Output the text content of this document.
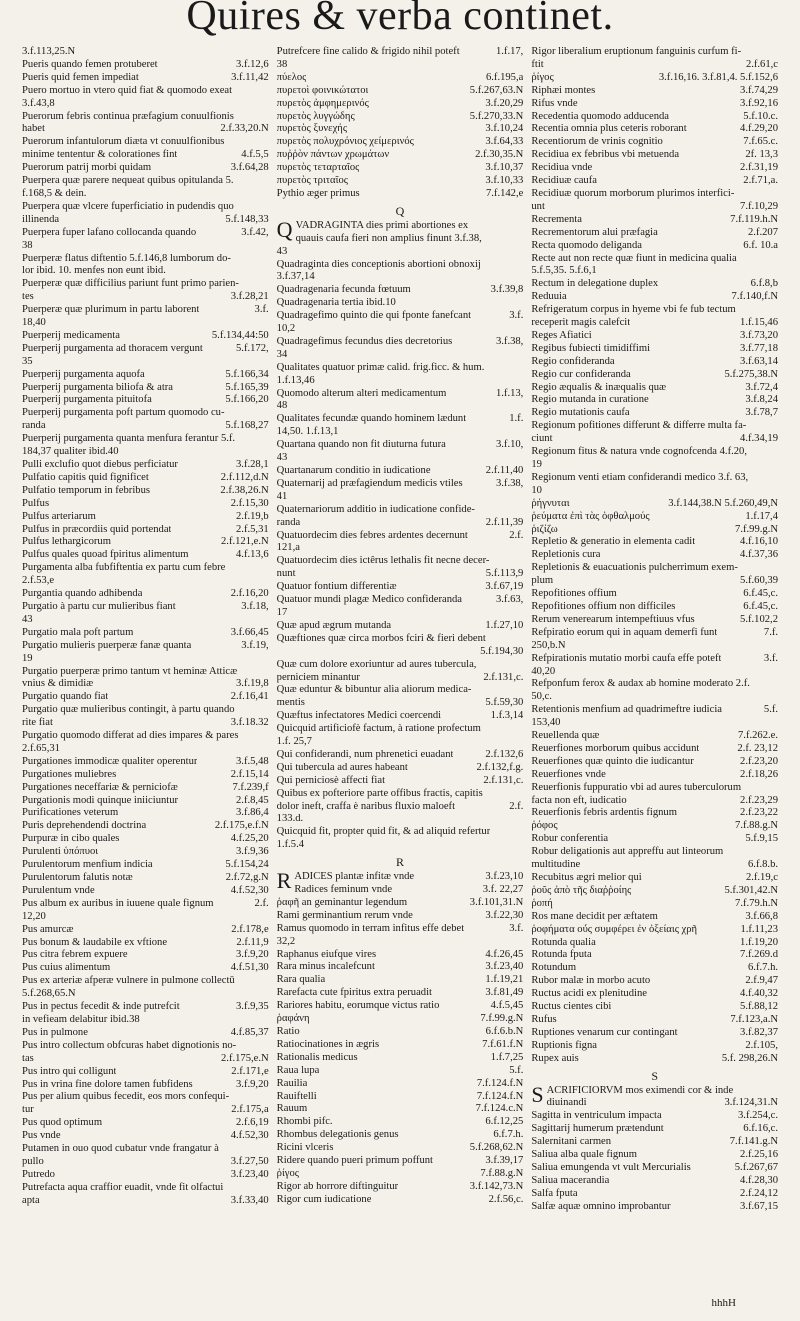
Quires & verba continet.
3.f.113,25.N
Pueris quando femen protuberet	3.f.12,6
Pueris quid femen impediat	3.f.11,42
Puero mortuo in vtero quid fiat & quomodo exeat
3.f.43,8
Puerorum febris continua præfagium conuulfionis
habet	2.f.33,20.N
Puerorum infantulorum diæta vt conuulfionibus
minime tententur & colorationes fint	4.f.5,5
Puerorum patrij morbi quidam	3.f.64,28
Puerpera quæ parere nequeat quibus opitulanda 5.
f.168,5 & dein.
Puerpera quæ vlcere fuperficiatio in pudendis quo
illinenda	5.f.148,33
Puerpera fuper lafano collocanda quando	3.f.42,
38
Puerperæ flatus diftentio 5.f.146,8 lumborum do-
lor ibid. 10. menfes non eunt ibid.
Puerperæ quæ difficilius pariunt funt primo parien-
tes	3.f.28,21
Puerperæ quæ plurimum in partu laborent	3.f.
18,40
Puerperij medicamenta	5.f.134,44:50
Puerperij purgamenta ad thoracem vergunt	5.f.172,
35
Puerperij purgamenta aquofa	5.f.166,34
Puerperij purgamenta biliofa & atra	5.f.165,39
Puerperij purgamenta pituitofa	5.f.166,20
Puerperij purgamenta poft partum quomodo cu-
randa	5.f.168,27
Puerperij purgamenta quanta menfura ferantur 5.f.
184,37 qualiter ibid.40
Pulli exclufio quot diebus perficiatur	3.f.28,1
Pulfatio capitis quid fignificet	2.f.112,d.N
Pulfatio temporum in febribus	2.f.38,26.N
Pulfus	2.f.15,30
Pulfus arteriarum	2.f.19,b
Pulfus in præcordiis quid portendat	2.f.5,31
Pulfus lethargicorum	2.f.121,e.N
Pulfus quales quoad fpiritus alimentum	4.f.13,6
Purgamenta alba fubfiftentia ex partu cum febre
2.f.53,e
Purgantia quando adhibenda	2.f.16,20
Purgatio à partu cur mulieribus fiant	3.f.18,
43
Purgatio mala poft partum	3.f.66,45
Purgatio mulieris puerperæ fanæ quanta	3.f.19,
19
Purgatio puerperæ primo tantum vt heminæ Atticæ
vnius & dimidiæ	3.f.19,8
Purgatio quando fiat	2.f.16,41
Purgatio quæ mulieribus contingit, à partu quando
rite fiat	3.f.18.32
Purgatio quomodo differat ad dies impares & pares
2.f.65,31
Purgationes immodicæ qualiter operentur	3.f.5,48
Purgationes muliebres	2.f.15,14
Purgationes neceffariæ & perniciofæ	7.f.239,f
Purgationis modi quinque iniiciuntur	2.f.8,45
Purificationes veterum	3.f.86,4
Puris deprehendendi doctrina	2.f.175,e.f.N
Purpuræ in cibo quales	4.f.25,20
Purulenti ὑπόπυοι	3.f.9,36
Purulentorum menfium indicia	5.f.154,24
Purulentorum falutis notæ	2.f.72,g.N
Purulentum vnde	4.f.52,30
Pus album ex auribus in iuuene quale fignum	2.f.
12,20
Pus amurcæ	2.f.178,e
Pus bonum & laudabile ex vftione	2.f.11,9
Pus citra febrem expuere	3.f.9,20
Pus cuius alimentum	4.f.51,30
Pus ex arteriæ afperæ vulnere in pulmone collectū
5.f.268,65.N
Pus in pectus fecedit & inde putrefcit	3.f.9,35
in vefieam delabitur ibid.38
Pus in pulmone	4.f.85,37
Pus intro collectum obfcuras habet dignotionis no-
tas	2.f.175,e.N
Pus intro qui colligunt	2.f.171,e
Pus in vrina fine dolore tamen fubfidens	3.f.9,20
Pus per alium quibus fecedit, eos mors confequi-
tur	2.f.175,a
Pus quod optimum	2.f.6,19
Pus vnde	4.f.52,30
Putamen in ouo quod cubatur vnde frangatur à
pullo	3.f.27,50
Putredo	3.f.23,40
Putrefacta aqua craffior euadit, vnde fit olfactui
apta	3.f.33,40
Putrefcere fine calido & frigido nihil poteft	1.f.17,
38
πύελος	6.f.195,a
πυρετοὶ φοινικώτατοι	5.f.267,63.N
πυρετὸς ἀμφημερινός	3.f.20,29
πυρετὸς λυγγώδης	5.f.270,33.N
πυρετὸς ξυνεχής	3.f.10,24
πυρετὸς πολυχρόνιος χείμερινός	3.f.64,33
πυῤῥὸν πάντων χρωμάτων	2.f.30,35.N
πυρετὸς τεταρταῖος	3.f.10,37
πυρετὸς τριταῖος	3.f.10,33
Pythio æger primus	7.f.142,e
Q
Q VADRAGINTA dies primi abortiones ex
quauis caufa fieri non amplius finunt 3.f.38,
43
Quadraginta dies conceptionis abortioni obnoxij
3.f.37,14
Quadragenaria fecunda fœtuum	3.f.39,8
Quadragenaria tertia ibid.10
Quadragefimo quinto die qui fponte fanefcant	3.f.
10,2
Quadragefimus fecundus dies decretorius	3.f.38,
34
Qualitates quatuor primæ calid. frig.ficc. & hum.
1.f.13,46
Quomodo alterum alteri medicamentum	1.f.13,
48
Qualitates fecundæ quando hominem lædunt	1.f.
14,50. 1.f.13,1
Quartana quando non fit diuturna futura	3.f.10,
43
Quartanarum conditio in iudicatione	2.f.11,40
Quaternarij ad præfagiendum medicis vtiles	3.f.38,
41
Quaternariorum additio in iudicatione confide-
randa	2.f.11,39
Quatuordecim dies febres ardentes decernunt	2.f.
121,a
Quatuordecim dies ictêrus lethalis fit necne decer-
nunt	5.f.113,9
Quatuor fontium differentiæ	3.f.67,19
Quatuor mundi plagæ Medico confideranda	3.f.63,
17
Quæ apud ægrum mutanda	1.f.27,10
Quæftiones quæ circa morbos fciri & fieri debent
5.f.194,30
Quæ cum dolore exoriuntur ad aures tubercula,
perniciem minantur	2.f.131,c.
Quæ eduntur & bibuntur alia aliorum medica-
mentis	5.f.59,30
Quæftus infectatores Medici coercendi	1.f.3,14
Quicquid artificiofè factum, à ratione profectum
1.f. 25,7
Qui confiderandi, num phrenetici euadant	2.f.132,6
Qui tubercula ad aures habeant	2.f.132,f.g.
Qui perniciosè affecti fiat	2.f.131,c.
Quibus ex pofteriore parte offibus fractis, capitis
dolor ineft, craffa è naribus fluxio maloeft	2.f.
133.d.
Quicquid fit, propter quid fit, & ad aliquid refertur
1.f.5.4
R
R ADICES plantæ infitæ vnde	3.f.23,10
Radices feminum vnde	3.f. 22,27
ῥαφῆ an geminantur legendum	3.f.101,31.N
Rami germinantium rerum vnde	3.f.22,30
Ramus quomodo in terram infitus effe debet	3.f.
32,2
Raphanus eiufque vires	4.f.26,45
Rara minus incalefcunt	3.f.23,40
Rara qualia	1.f.19,21
Rarefacta cute fpiritus extra peruadit	3.f.81,49
Rariores habitu, eorumque victus ratio	4.f.5,45
ῥαφάνη	7.f.99.g.N
Ratio	6.f.6.b.N
Ratiocinationes in ægris	7.f.61.f.N
Rationalis medicus	1.f.7,25
Raua lupa	5.f.
Rauilia	7.f.124.f.N
Rauiftelli	7.f.124.f.N
Rauum	7.f.124.c.N
Rhombi pifc.	6.f.12,25
Rhombus delegationis genus	6.f.7.h.
Ricini vlceris	5.f.268,62.N
Ridere quando pueri primum poffunt	3.f.39,17
ῥίγος	7.f.88.g.N
Rigor ab horrore diftinguitur	3.f.142,73.N
Rigor cum iudicatione	2.f.56,c.
Rigor liberalium eruptionum fanguinis curfum fi-
ftit	2.f.61,c
ῥίγος	3.f.16,16. 3.f.81,4. 5.f.152,6
Riphæi montes	3.f.74,29
Rifus vnde	3.f.92,16
Recedentia quomodo adducenda	5.f.10.c.
Recentia omnia plus ceteris roborant	4.f.29,20
Recentiorum de vrinis cognitio	7.f.65.c.
Recidiua ex febribus vbi metuenda	2f. 13,3
Recidiua vnde	2.f.31,19
Recidiuæ caufa	2.f.71,a.
Recidiuæ quorum morborum plurimos interfici-
unt	7.f.10,29
Recrementa	7.f.119.h.N
Recrementorum alui præfagia	2.f.207
Recta quomodo deliganda	6.f. 10.a
Recte aut non recte quæ fiunt in medicina qualia
5.f.5,35. 5.f.6,1
Rectum in delegatione duplex	6.f.8,b
Reduuia	7.f.140,f.N
Refrigeratum corpus in hyeme vbi fe fub tectum
receperit magis calefcit	1.f.15,46
Reges Afiatici	3.f.73,20
Regibus fubiecti timidiffimi	3.f.77,18
Regio confideranda	3.f.63,14
Regio cur confideranda	5.f.275,38.N
Regio æqualis & inæqualis quæ	3.f.72,4
Regio mutanda in curatione	3.f.8,24
Regio mutationis caufa	3.f.78,7
Regionum pofitiones differunt & differre multa fa-
ciunt	4.f.34,19
Regionum fitus & natura vnde cognofcenda 4.f.20,
19
Regionum venti etiam confiderandi medico 3.f. 63,
10
ῥήγνυται	3.f.144,38.N 5.f.260,49,N
ῥεύματα ἐπὶ τὰς ὀφθαλμούς	1.f.17,4
ῥιζίζω	7.f.99.g.N
Repletio & generatio in elementa cadit	4.f.16,10
Repletionis cura	4.f.37,36
Repletionis & euacuationis pulcherrimum exem-
plum	5.f.60,39
Repofitiones offium	6.f.45,c.
Repofitiones offium non difficiles	6.f.45,c.
Rerum venerearum intempeftiuus vfus	5.f.102,2
Refpiratio eorum qui in aquam demerfi funt	7.f.
250,b.N
Refpirationis mutatio morbi caufa effe poteft	3.f.
40,20
Refponfum ferox & audax ab homine moderato 2.f.
50,c.
Retentionis menfium ad quadrimeftre iudicia	5.f.
153,40
Reuellenda quæ	7.f.262.e.
Reuerfiones morborum quibus accidunt	2.f. 23,12
Reuerfiones quæ quinto die iudicantur	2.f.23,20
Reuerfiones vnde	2.f.18,26
Reuerfionis fuppuratio vbi ad aures tuberculorum
facta non eft, iudicatio	2.f.23,29
Reuerfionis febris ardentis fignum	2.f.23,22
ῥόφος	7.f.88.g.N
Robur conferentia	5.f.9,15
Robur deligationis aut appreffu aut linteorum
multitudine	6.f.8.b.
Recubitus ægri melior qui	2.f.19,c
ῥοῦς ἀπὸ τῆς διαῤῥοίης	5.f.301,42.N
ῥοπή	7.f.79.h.N
Ros mane decidit per æftatem	3.f.66,8
ῥοφήματα οὖς συμφέρει ἐν ὀξείαις χρῆ	1.f.11,23
Rotunda qualia	1.f.19,20
Rotunda fputa	7.f.269.d
Rotundum	6.f.7.h.
Rubor malæ in morbo acuto	2.f.9,47
Ructus acidi ex plenitudine	4.f.40,32
Ructus cientes cibi	5.f.88,12
Rufus	7.f.123,a.N
Ruptiones venarum cur contingant	3.f.82,37
Ruptionis figna	2.f.105,
Rupex auis	5.f. 298,26.N
S
S ACRIFICIORVM mos eximendi cor & inde
diuinandi	3.f.124,31.N
Sagitta in ventriculum impacta	3.f.254,c.
Sagittarij humerum prætendunt	6.f.16,c.
Salernitani carmen	7.f.141.g.N
Saliua alba quale fignum	2.f.25,16
Saliua emungenda vt vult Mercurialis	5.f.267,67
Saliua macerandia	4.f.28,30
Salfa fputa	2.f.24,12
Salfæ aquæ omnino improbantur	3.f.67,15
hhhH
